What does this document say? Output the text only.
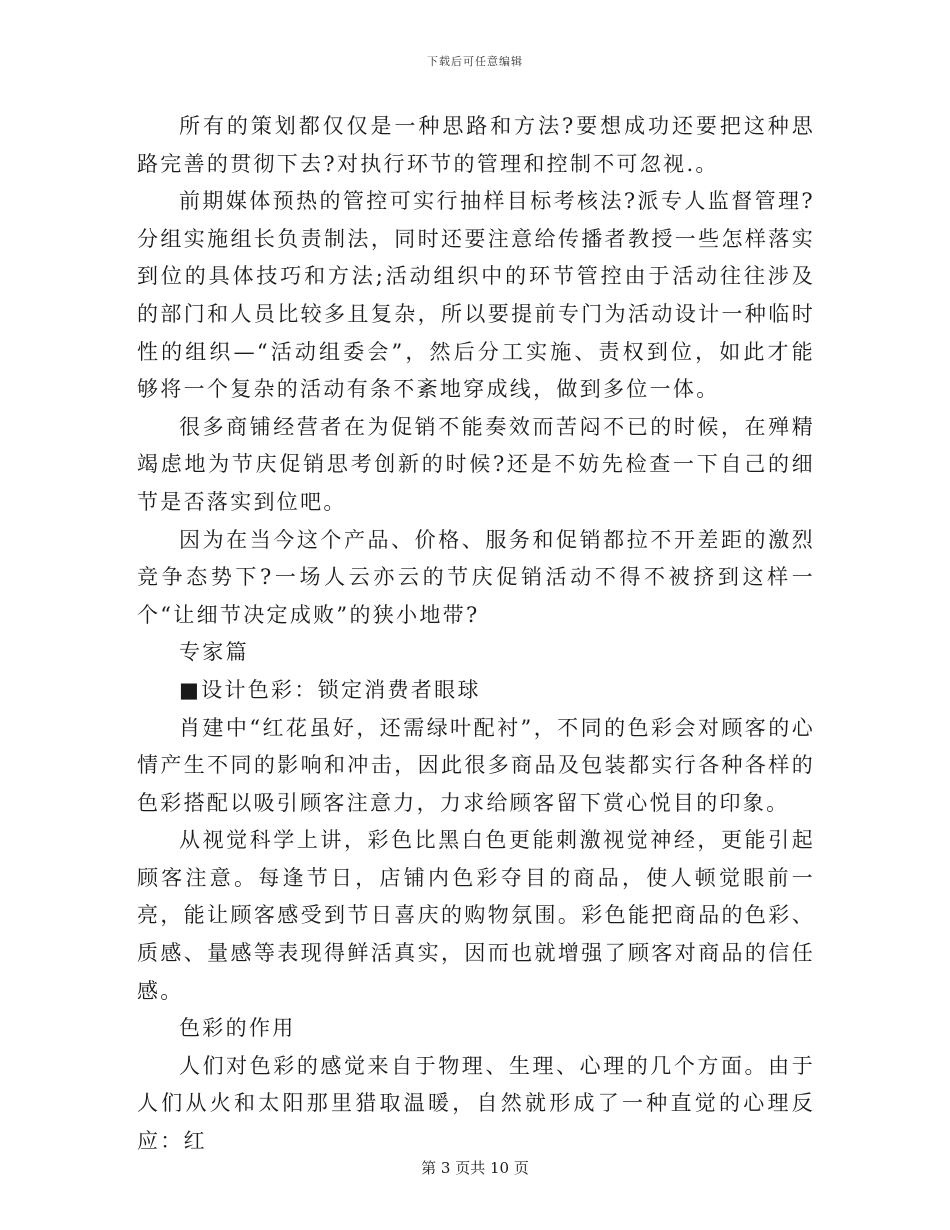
下载后可任意编辑

所有的策划都仅仅是一种思路和方法?要想成功还要把这种思路完善的贯彻下去?对执行环节的管理和控制不可忽视.。

前期媒体预热的管控可实行抽样目标考核法?派专人监督管理?分组实施组长负责制法，同时还要注意给传播者教授一些怎样落实到位的具体技巧和方法;活动组织中的环节管控由于活动往往涉及的部门和人员比较多且复杂，所以要提前专门为活动设计一种临时性的组织—“活动组委会”，然后分工实施、责权到位，如此才能够将一个复杂的活动有条不紊地穿成线，做到多位一体。

很多商铺经营者在为促销不能奏效而苦闷不已的时候，在殚精竭虑地为节庆促销思考创新的时候?还是不妨先检查一下自己的细节是否落实到位吧。

因为在当今这个产品、价格、服务和促销都拉不开差距的激烈竞争态势下?一场人云亦云的节庆促销活动不得不被挤到这样一个“让细节决定成败”的狭小地带?

专家篇

■设计色彩：锁定消费者眼球

肖建中“红花虽好，还需绿叶配衬”，不同的色彩会对顾客的心情产生不同的影响和冲击，因此很多商品及包装都实行各种各样的色彩搭配以吸引顾客注意力，力求给顾客留下赏心悦目的印象。

从视觉科学上讲，彩色比黑白色更能刺激视觉神经，更能引起顾客注意。每逢节日，店铺内色彩夺目的商品，使人顿觉眼前一亮，能让顾客感受到节日喜庆的购物氛围。彩色能把商品的色彩、质感、量感等表现得鲜活真实，因而也就增强了顾客对商品的信任感。

色彩的作用

人们对色彩的感觉来自于物理、生理、心理的几个方面。由于人们从火和太阳那里猎取温暖，自然就形成了一种直觉的心理反应：红

第 3 页共 10 页
